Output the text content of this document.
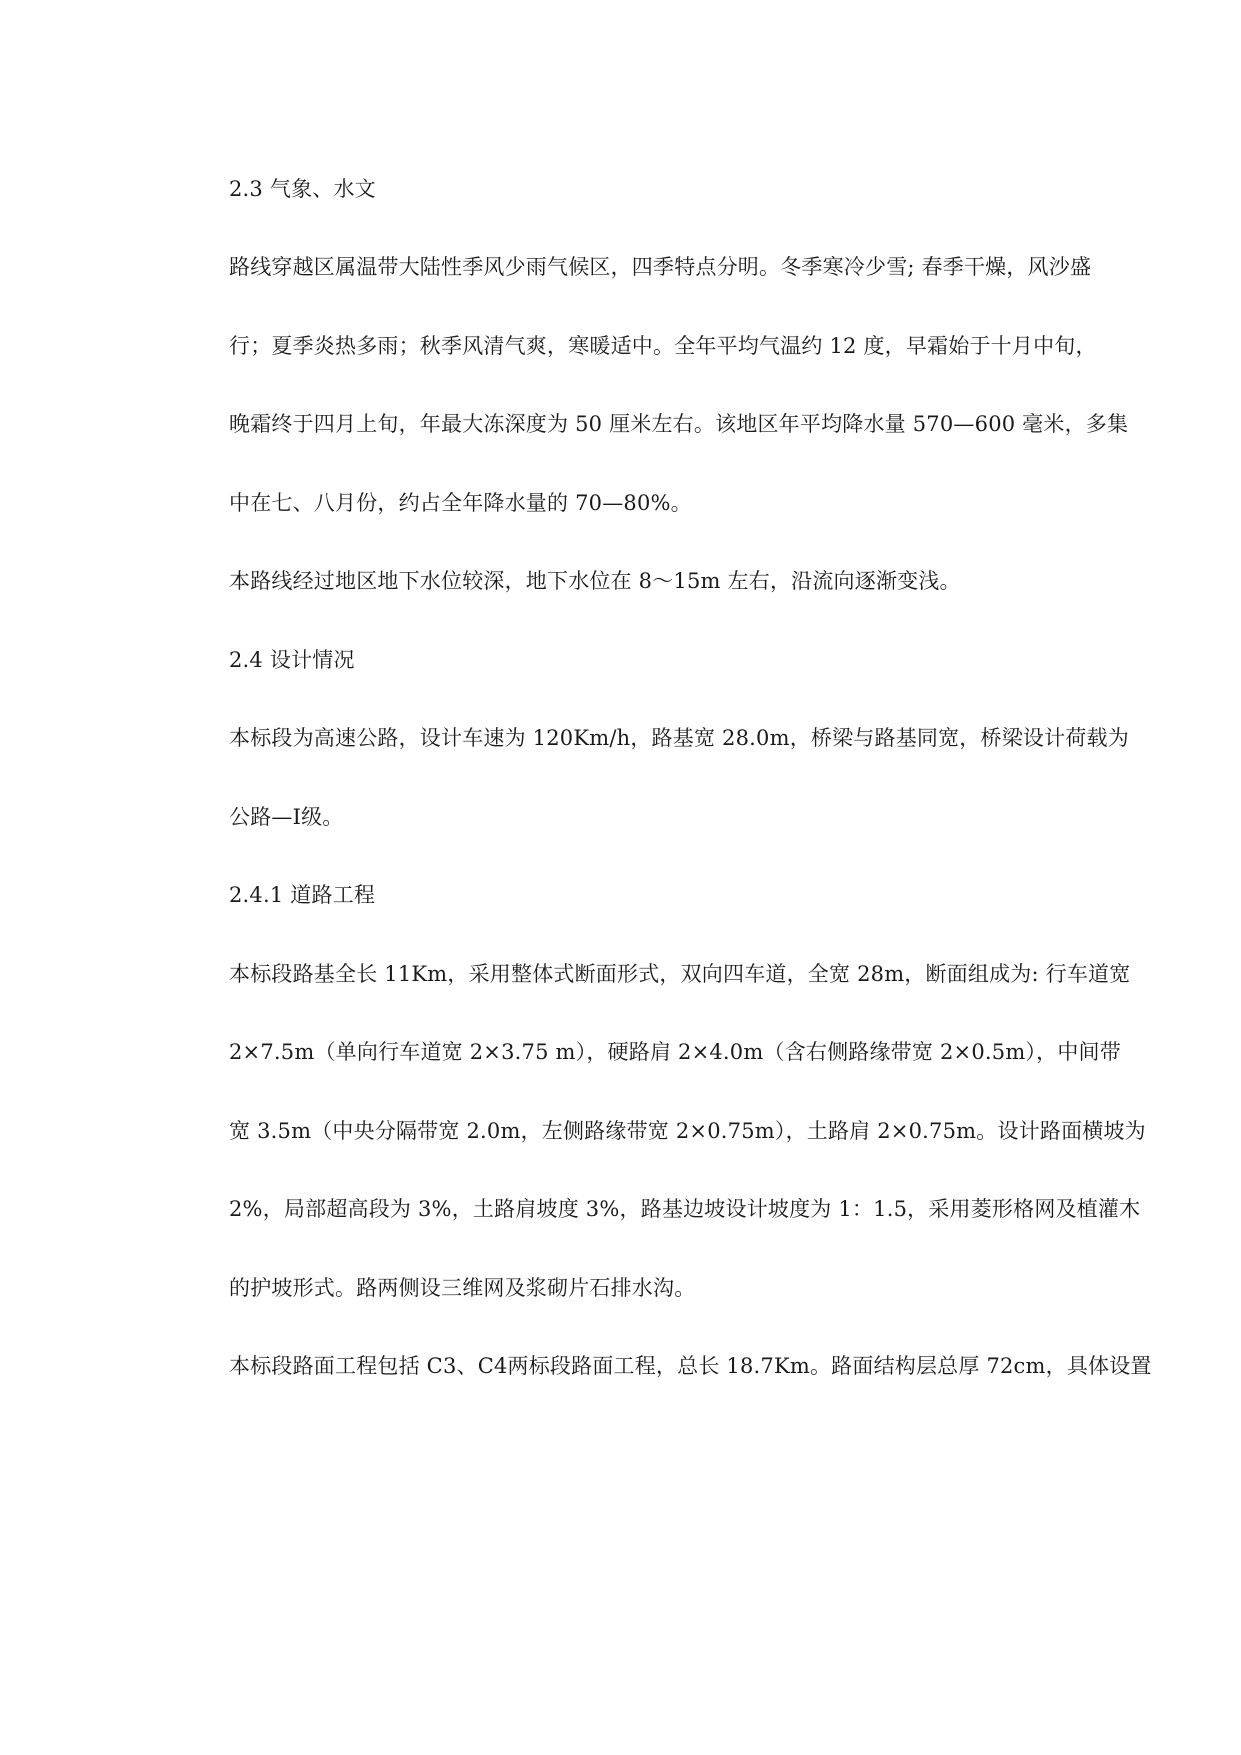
2.3 气象、水文
路线穿越区属温带大陆性季风少雨气候区，四季特点分明。冬季寒冷少雪; 春季干燥，风沙盛
行；夏季炎热多雨；秋季风清气爽，寒暖适中。全年平均气温约 12 度，早霜始于十月中旬，
晚霜终于四月上旬，年最大冻深度为 50 厘米左右。该地区年平均降水量 570—600 毫米，多集
中在七、八月份，约占全年降水量的 70—80%。
本路线经过地区地下水位较深，地下水位在 8～15m 左右，沿流向逐渐变浅。
2.4 设计情况
本标段为高速公路，设计车速为 120Km/h，路基宽 28.0m，桥梁与路基同宽，桥梁设计荷载为
公路—Ⅰ级。
2.4.1 道路工程
本标段路基全长 11Km，采用整体式断面形式，双向四车道，全宽 28m，断面组成为: 行车道宽
2×7.5m（单向行车道宽 2×3.75 m），硬路肩 2×4.0m（含右侧路缘带宽 2×0.5m），中间带
宽 3.5m（中央分隔带宽 2.0m，左侧路缘带宽 2×0.75m），土路肩 2×0.75m。设计路面横坡为
2%，局部超高段为 3%，土路肩坡度 3%，路基边坡设计坡度为 1：1.5，采用菱形格网及植灌木
的护坡形式。路两侧设三维网及浆砌片石排水沟。
本标段路面工程包括 C3、C4两标段路面工程，总长 18.7Km。路面结构层总厚 72cm，具体设置
